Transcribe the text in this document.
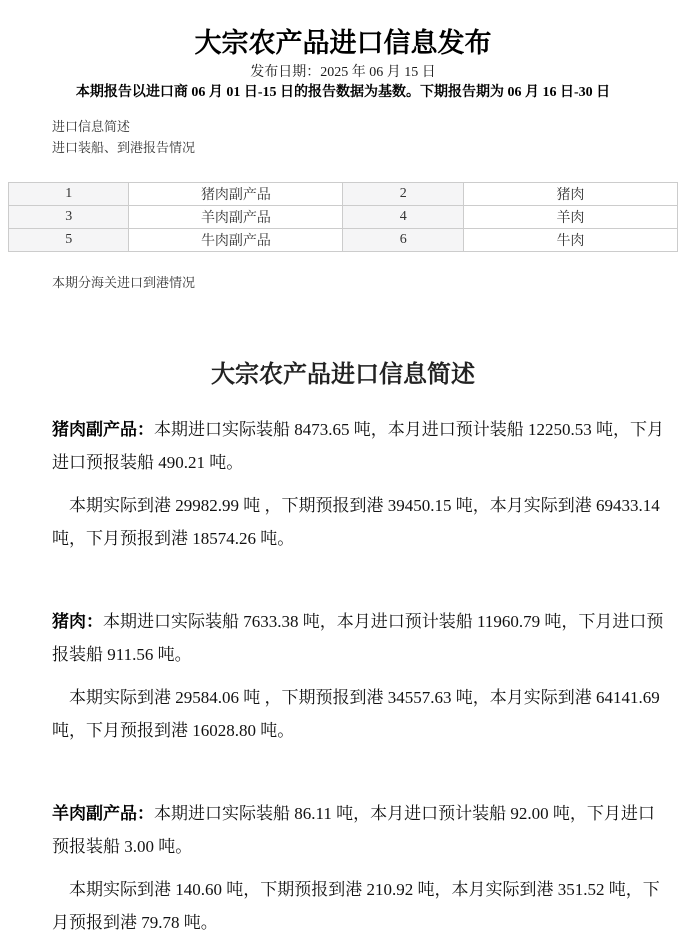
大宗农产品进口信息发布

发布日期：2025 年 06 月 15 日

本期报告以进口商 06 月 01 日-15 日的报告数据为基数。下期报告期为 06 月 16 日-30 日

进口信息简述

进口装船、到港报告情况

1	猪肉副产品	2	猪肉
3	羊肉副产品	4	羊肉
5	牛肉副产品	6	牛肉

本期分海关进口到港情况

大宗农产品进口信息简述

猪肉副产品：本期进口实际装船 8473.65 吨，本月进口预计装船 12250.53 吨，下月进口预报装船 490.21 吨。

本期实际到港 29982.99 吨 ，下期预报到港 39450.15 吨，本月实际到港 69433.14 吨，下月预报到港 18574.26 吨。

猪肉：本期进口实际装船 7633.38 吨，本月进口预计装船 11960.79 吨，下月进口预报装船 911.56 吨。

本期实际到港 29584.06 吨 ，下期预报到港 34557.63 吨，本月实际到港 64141.69 吨，下月预报到港 16028.80 吨。

羊肉副产品：本期进口实际装船 86.11 吨，本月进口预计装船 92.00 吨，下月进口预报装船 3.00 吨。

本期实际到港 140.60 吨，下期预报到港 210.92 吨，本月实际到港 351.52 吨，下月预报到港 79.78 吨。
